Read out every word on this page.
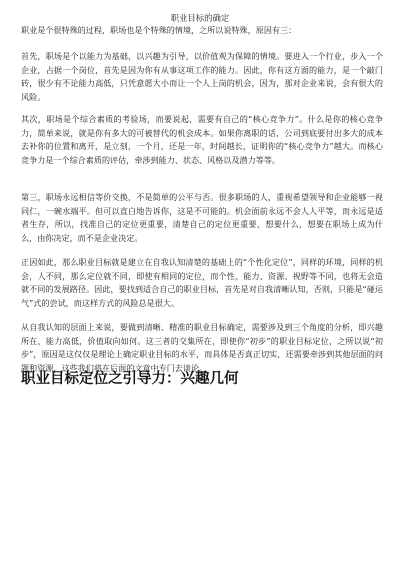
职业目标的确定

职业是个很特殊的过程，职场也是个特殊的情境，之所以说特殊，原因有三：

首先，职场是个以能力为基础，以兴趣为引导，以价值观为保障的情境。要进入一个行业，步入一个企业，占据一个岗位，首先是因为你有从事这项工作的能力。因此，你有这方面的能力，是一个敲门砖，很少有不论能力高低，只凭意愿大小而让一个人上岗的机会，因为，那对企业来说，会有很大的风险。

其次，职场是个综合素质的考验场，而要说起，需要有自己的“核心竞争力”。什么是你的核心竞争力，简单来说，就是你有多大的可被替代的机会成本。如果你离职的话，公司到底要付出多大的成本去补你的位置和离开，是立刻，一个月，还是一年，时间越长，证明你的“核心竞争力”越大。而核心竞争力是一个综合素质的评估，牵涉到能力、状态、风格以及潜力等等。

第三，职场永远相信等价交换，不是简单的公平与否。很多职场的人，重视希望领导和企业能够一视同仁，一碗水端平。但可以直白地告诉你，这是不可能的。机会面前永远不会人人平等，而永远是适者生存，所以，找准自己的定位更重要，清楚自己的定位更重要，想要什么，想要在职场上成为什么，由你决定，而不是企业决定。

正因如此，那么职业目标就是建立在自我认知清楚的基础上的“个性化定位”，同样的环境，同样的机会，人不同，那么定位就不同，即使有相同的定位，而个性、能力、资源、视野等不同，也将无会造就不同的发展路径。因此，要找到适合自己的职业目标，首先是对自我清晰认知，否则，只能是“碰运气”式的尝试，而这样方式的风险总是很大。

从自我认知的层面上来说，要做到清晰、精准的职业目标确定，需要涉及到三个角度的分析，即兴趣所在，能力高低，价值取向如何。这三者的交集所在，即使你“初步”的职业目标定位，之所以说“初步”，原因是这仅仅是理论上确定职业目标的水平，而具体是否真正切实，还需要牵涉到其他层面的问题和资源，这些我们将在后面的文章中专门去谈论。

职业目标定位之引导力：兴趣几何
